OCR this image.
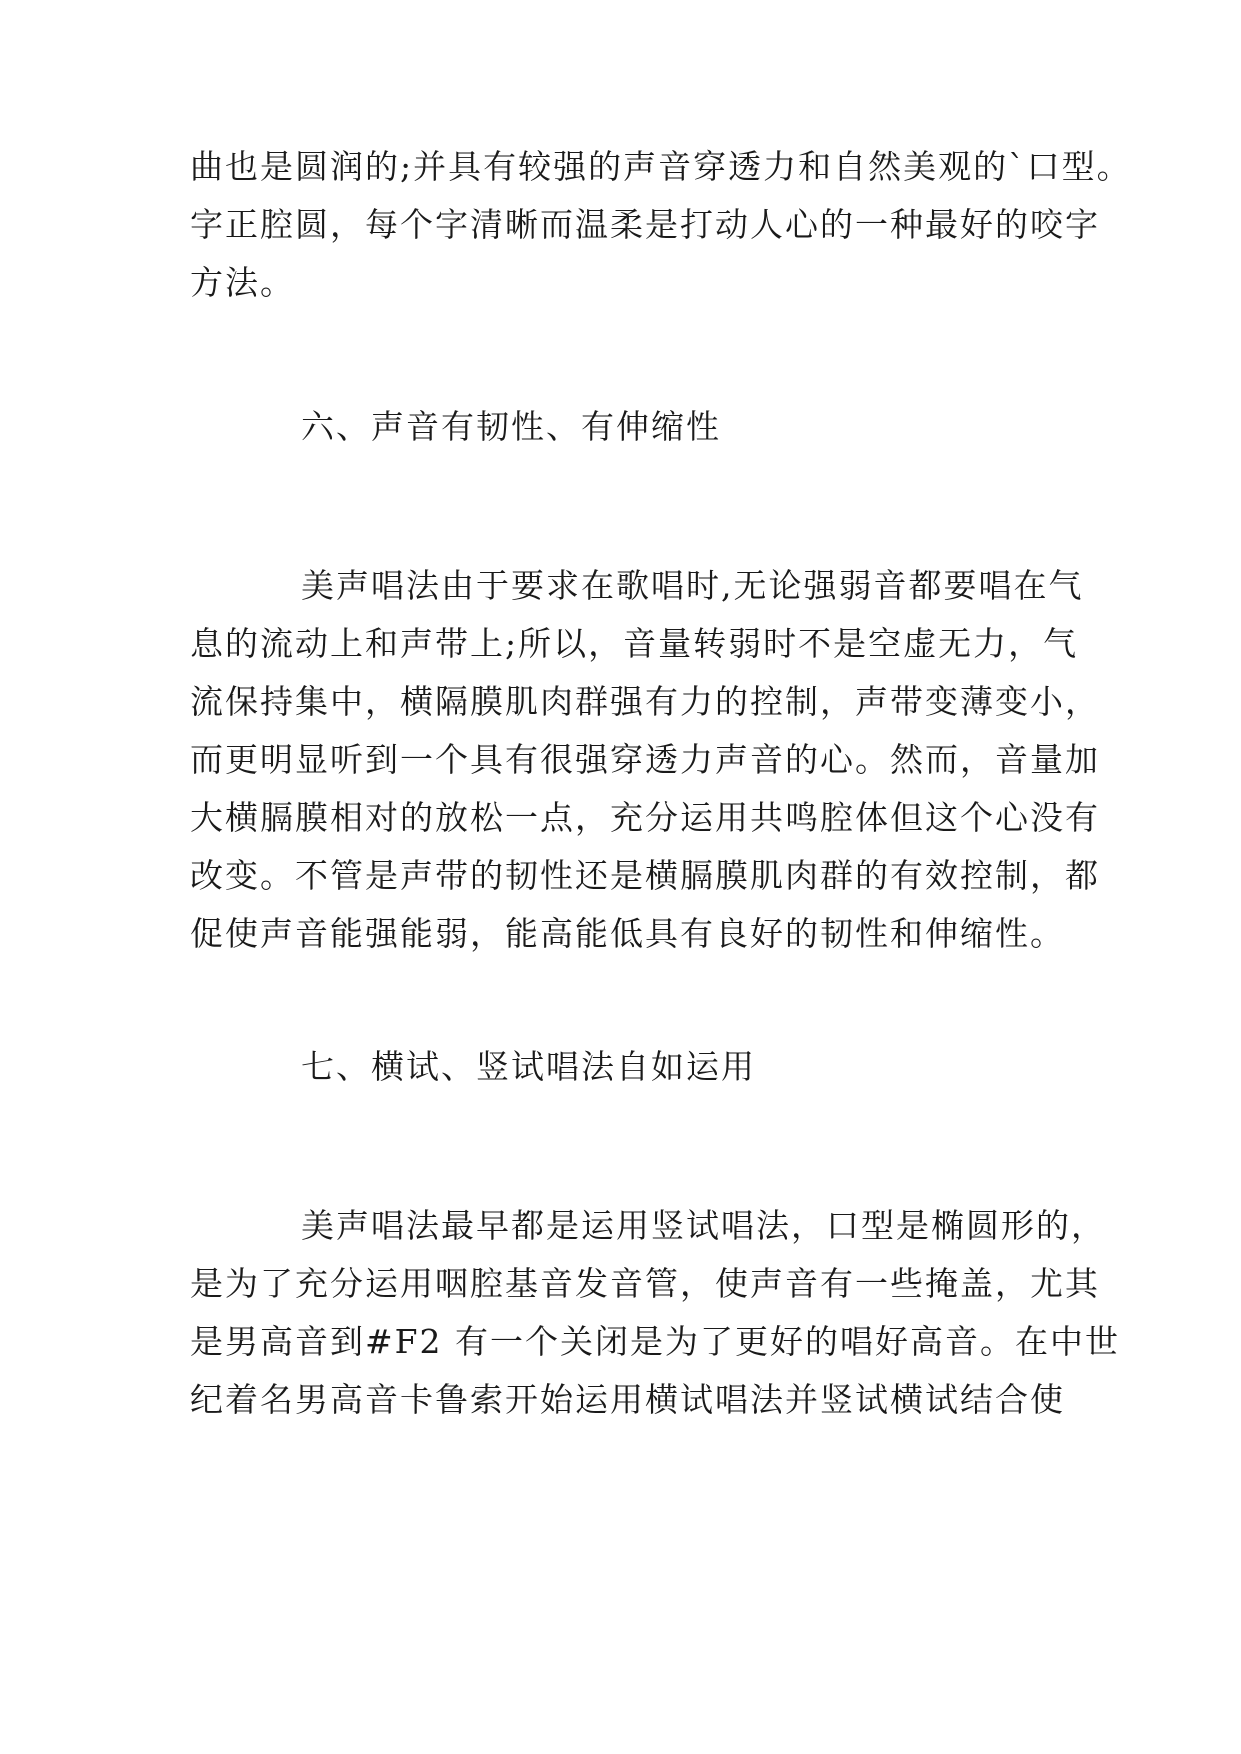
曲也是圆润的;并具有较强的声音穿透力和自然美观的`口型。
字正腔圆，每个字清晰而温柔是打动人心的一种最好的咬字
方法。
六、声音有韧性、有伸缩性
美声唱法由于要求在歌唱时,无论强弱音都要唱在气
息的流动上和声带上;所以，音量转弱时不是空虚无力，气
流保持集中，横隔膜肌肉群强有力的控制，声带变薄变小，
而更明显听到一个具有很强穿透力声音的心。然而，音量加
大横膈膜相对的放松一点，充分运用共鸣腔体但这个心没有
改变。不管是声带的韧性还是横膈膜肌肉群的有效控制，都
促使声音能强能弱，能高能低具有良好的韧性和伸缩性。
七、横试、竖试唱法自如运用
美声唱法最早都是运用竖试唱法，口型是椭圆形的，
是为了充分运用咽腔基音发音管，使声音有一些掩盖，尤其
是男高音到#F2 有一个关闭是为了更好的唱好高音。在中世
纪着名男高音卡鲁索开始运用横试唱法并竖试横试结合使
